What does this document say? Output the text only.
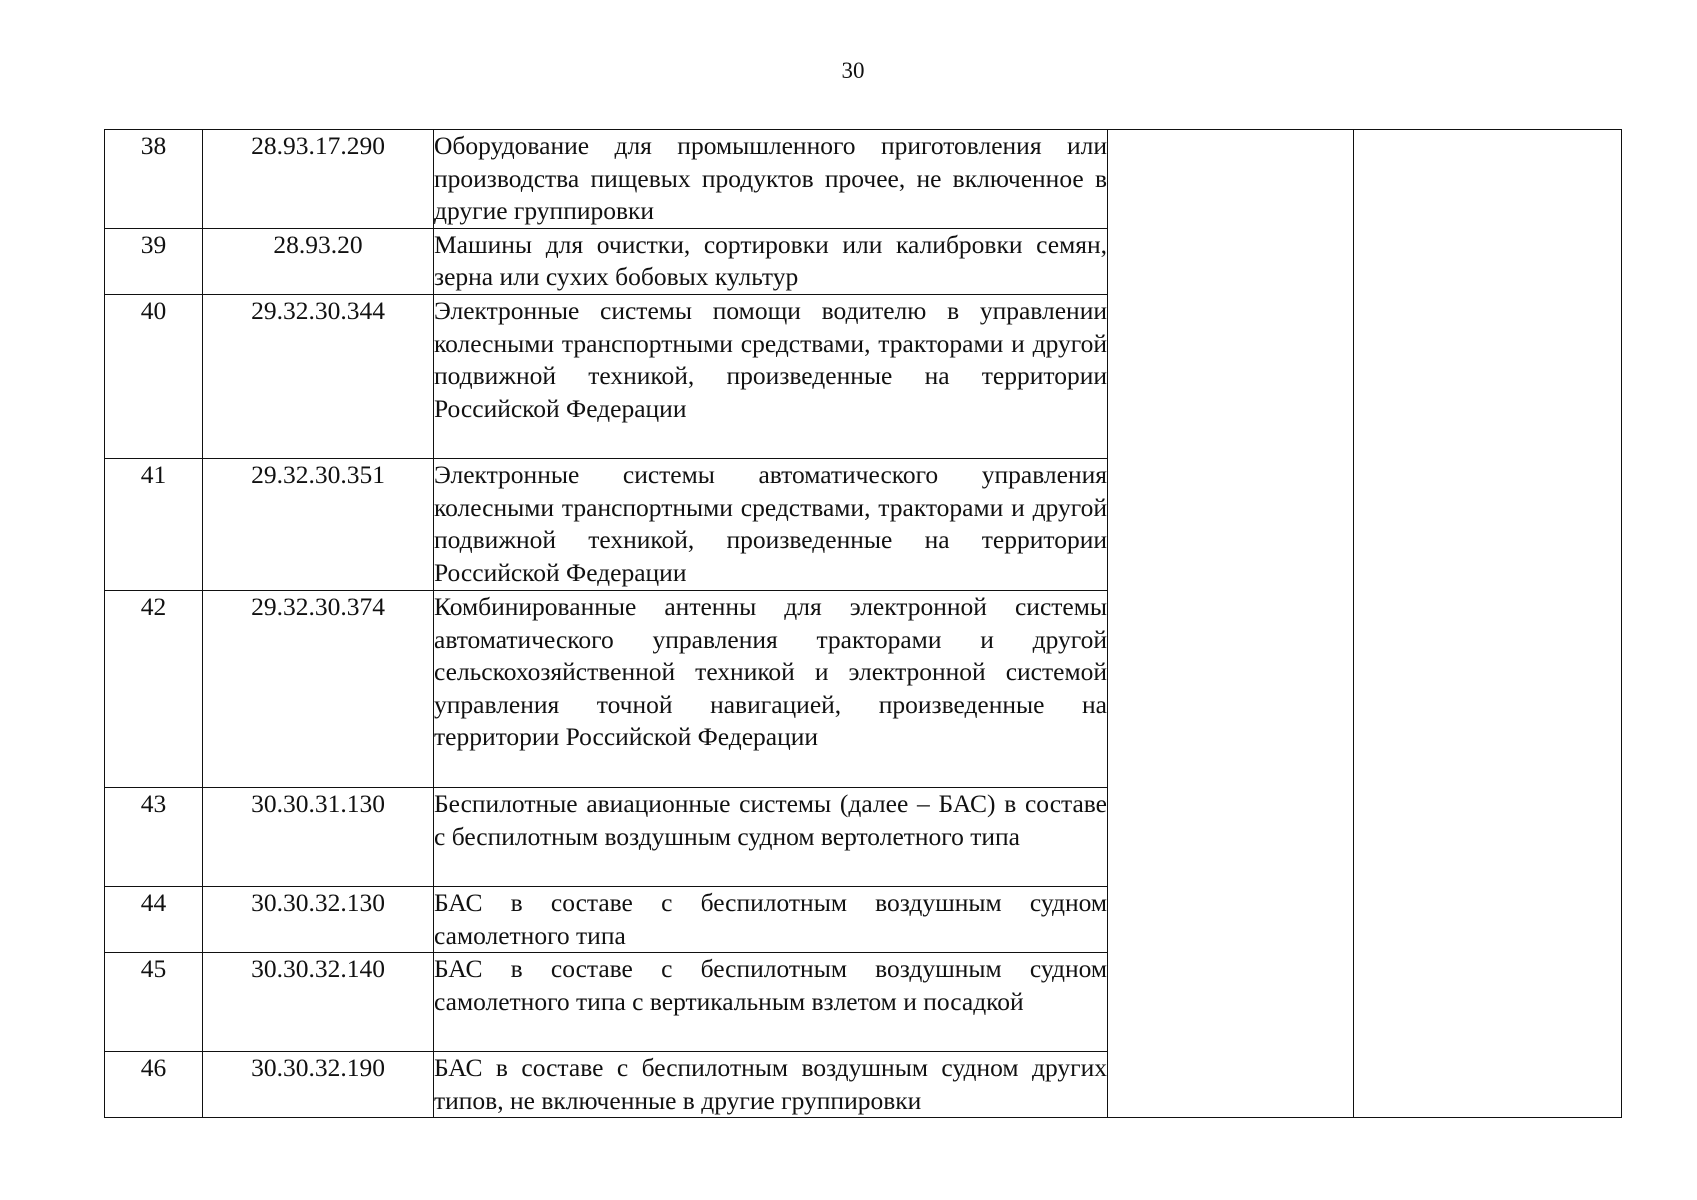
30
38	28.93.17.290	Оборудование для промышленного приготовления или производства пищевых продуктов прочее, не включенное в другие группировки		
39	28.93.20	Машины для очистки, сортировки или калибровки семян, зерна или сухих бобовых культур		
40	29.32.30.344	Электронные системы помощи водителю в управлении колесными транспортными средствами, тракторами и другой подвижной техникой, произведенные на территории Российской Федерации		
41	29.32.30.351	Электронные системы автоматического управления колесными транспортными средствами, тракторами и другой подвижной техникой, произведенные на территории Российской Федерации		
42	29.32.30.374	Комбинированные антенны для электронной системы автоматического управления тракторами и другой сельскохозяйственной техникой и электронной системой управления точной навигацией, произведенные на территории Российской Федерации		
43	30.30.31.130	Беспилотные авиационные системы (далее – БАС) в составе с беспилотным воздушным судном вертолетного типа		
44	30.30.32.130	БАС в составе с беспилотным воздушным судном самолетного типа		
45	30.30.32.140	БАС в составе с беспилотным воздушным судном самолетного типа с вертикальным взлетом и посадкой		
46	30.30.32.190	БАС в составе с беспилотным воздушным судном других типов, не включенные в другие группировки		
